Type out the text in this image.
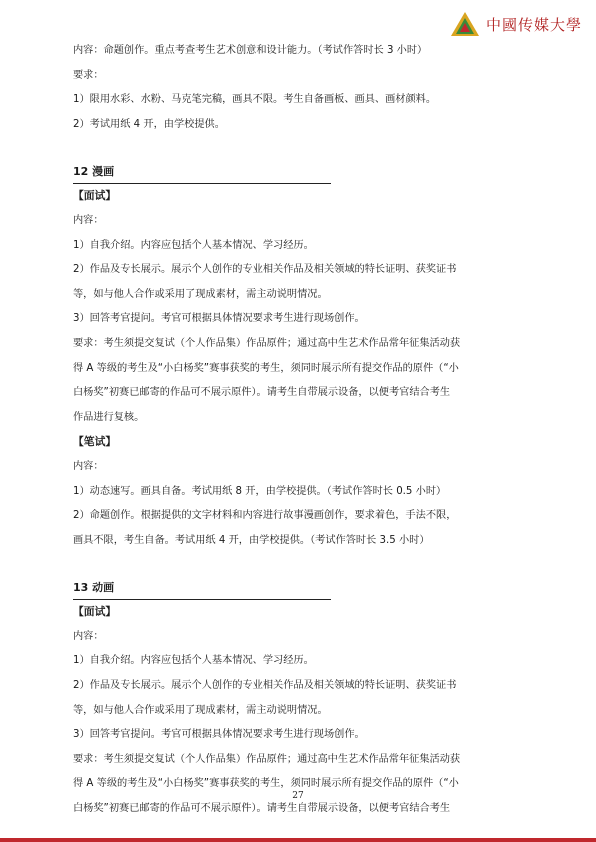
中國传媒大學
内容：命题创作。重点考查考生艺术创意和设计能力。（考试作答时长 3 小时）
要求：
1）限用水彩、水粉、马克笔完稿，画具不限。考生自备画板、画具、画材颜料。
2）考试用纸 4 开，由学校提供。
12 漫画
【面试】
内容：
1）自我介绍。内容应包括个人基本情况、学习经历。
2）作品及专长展示。展示个人创作的专业相关作品及相关领域的特长证明、获奖证书
等，如与他人合作或采用了现成素材，需主动说明情况。
3）回答考官提问。考官可根据具体情况要求考生进行现场创作。
要求：考生须提交复试（个人作品集）作品原件；通过高中生艺术作品常年征集活动获
得 A 等级的考生及“小白杨奖”赛事获奖的考生，须同时展示所有提交作品的原件（“小
白杨奖”初赛已邮寄的作品可不展示原件）。请考生自带展示设备，以便考官结合考生
作品进行复核。
【笔试】
内容：
1）动态速写。画具自备。考试用纸 8 开，由学校提供。（考试作答时长 0.5 小时）
2）命题创作。根据提供的文字材料和内容进行故事漫画创作，要求着色，手法不限，
画具不限，考生自备。考试用纸 4 开，由学校提供。（考试作答时长 3.5 小时）
13 动画
【面试】
内容：
1）自我介绍。内容应包括个人基本情况、学习经历。
2）作品及专长展示。展示个人创作的专业相关作品及相关领域的特长证明、获奖证书
等，如与他人合作或采用了现成素材，需主动说明情况。
3）回答考官提问。考官可根据具体情况要求考生进行现场创作。
要求：考生须提交复试（个人作品集）作品原件；通过高中生艺术作品常年征集活动获
得 A 等级的考生及“小白杨奖”赛事获奖的考生，须同时展示所有提交作品的原件（“小
白杨奖”初赛已邮寄的作品可不展示原件）。请考生自带展示设备，以便考官结合考生
27
